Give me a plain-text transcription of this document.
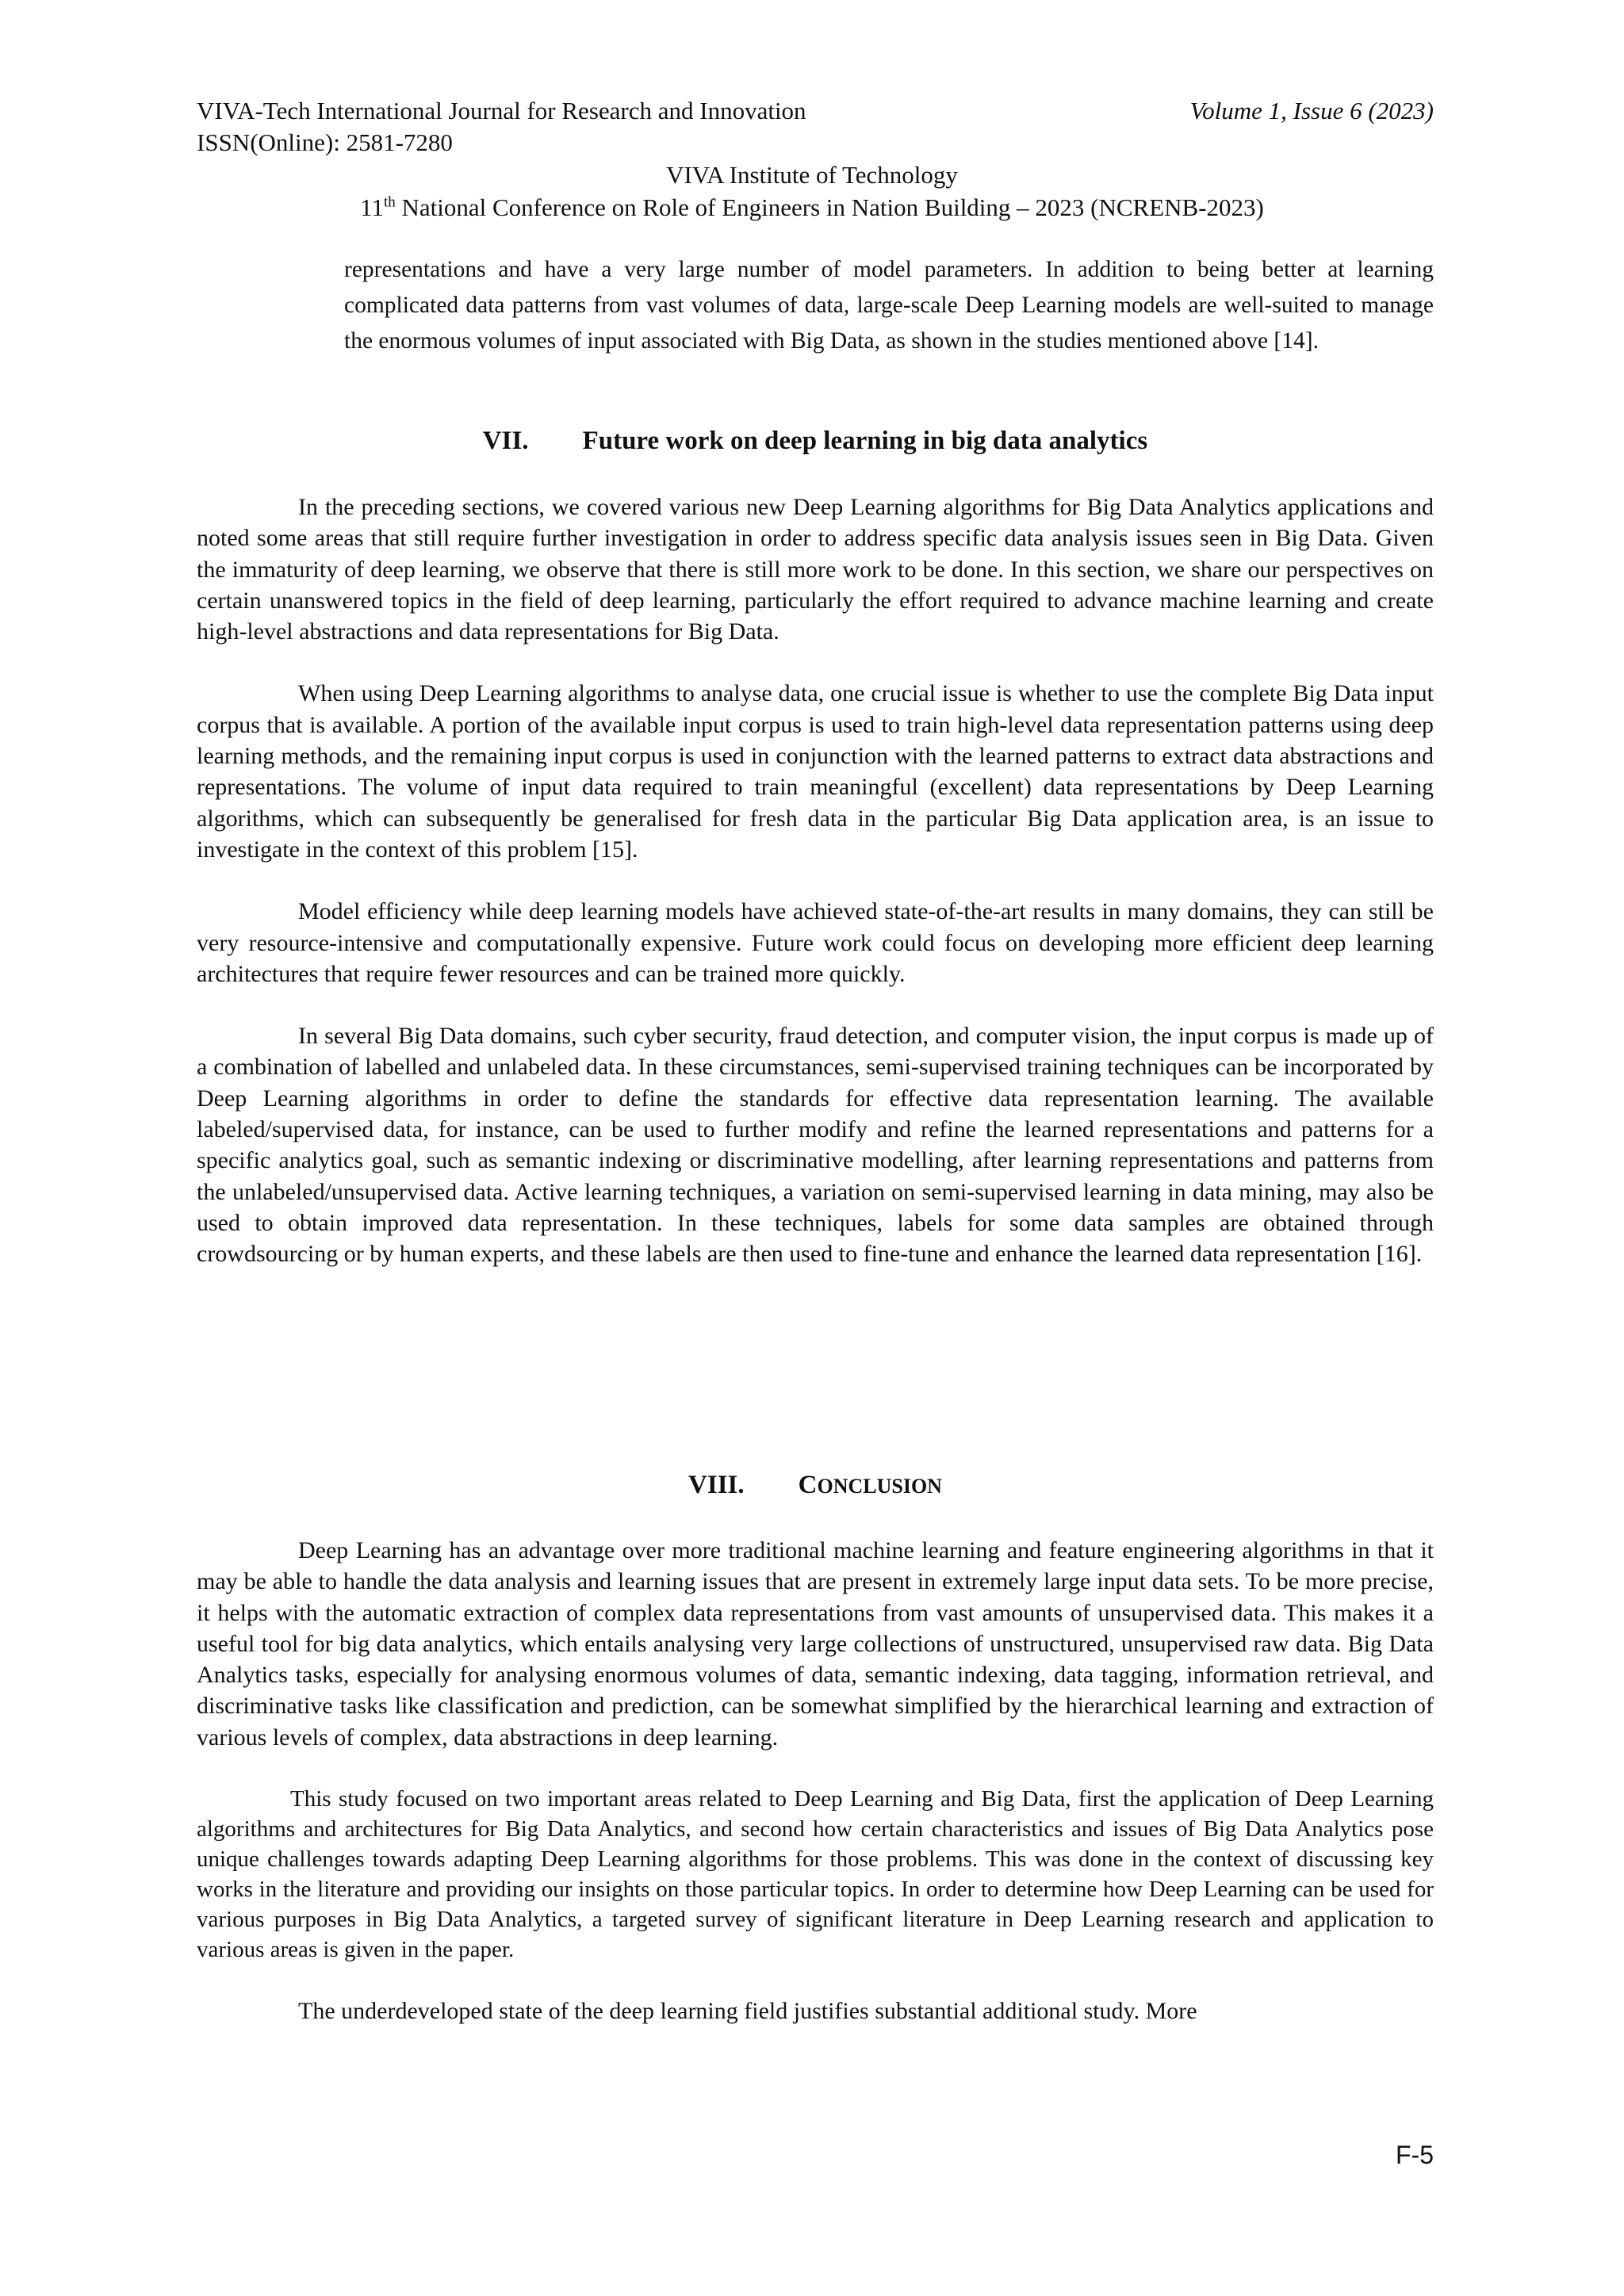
VIVA-Tech International Journal for Research and Innovation
ISSN(Online): 2581-7280
Volume 1, Issue 6 (2023)
VIVA Institute of Technology
11th National Conference on Role of Engineers in Nation Building – 2023 (NCRENB-2023)

representations and have a very large number of model parameters. In addition to being better at learning complicated data patterns from vast volumes of data, large-scale Deep Learning models are well-suited to manage the enormous volumes of input associated with Big Data, as shown in the studies mentioned above [14].

VII. Future work on deep learning in big data analytics

In the preceding sections, we covered various new Deep Learning algorithms for Big Data Analytics applications and noted some areas that still require further investigation in order to address specific data analysis issues seen in Big Data. Given the immaturity of deep learning, we observe that there is still more work to be done. In this section, we share our perspectives on certain unanswered topics in the field of deep learning, particularly the effort required to advance machine learning and create high-level abstractions and data representations for Big Data.

When using Deep Learning algorithms to analyse data, one crucial issue is whether to use the complete Big Data input corpus that is available. A portion of the available input corpus is used to train high-level data representation patterns using deep learning methods, and the remaining input corpus is used in conjunction with the learned patterns to extract data abstractions and representations. The volume of input data required to train meaningful (excellent) data representations by Deep Learning algorithms, which can subsequently be generalised for fresh data in the particular Big Data application area, is an issue to investigate in the context of this problem [15].

Model efficiency while deep learning models have achieved state-of-the-art results in many domains, they can still be very resource-intensive and computationally expensive. Future work could focus on developing more efficient deep learning architectures that require fewer resources and can be trained more quickly.

In several Big Data domains, such cyber security, fraud detection, and computer vision, the input corpus is made up of a combination of labelled and unlabeled data. In these circumstances, semi-supervised training techniques can be incorporated by Deep Learning algorithms in order to define the standards for effective data representation learning. The available labeled/supervised data, for instance, can be used to further modify and refine the learned representations and patterns for a specific analytics goal, such as semantic indexing or discriminative modelling, after learning representations and patterns from the unlabeled/unsupervised data. Active learning techniques, a variation on semi-supervised learning in data mining, may also be used to obtain improved data representation. In these techniques, labels for some data samples are obtained through crowdsourcing or by human experts, and these labels are then used to fine-tune and enhance the learned data representation [16].

VIII. CONCLUSION

Deep Learning has an advantage over more traditional machine learning and feature engineering algorithms in that it may be able to handle the data analysis and learning issues that are present in extremely large input data sets. To be more precise, it helps with the automatic extraction of complex data representations from vast amounts of unsupervised data. This makes it a useful tool for big data analytics, which entails analysing very large collections of unstructured, unsupervised raw data. Big Data Analytics tasks, especially for analysing enormous volumes of data, semantic indexing, data tagging, information retrieval, and discriminative tasks like classification and prediction, can be somewhat simplified by the hierarchical learning and extraction of various levels of complex, data abstractions in deep learning.

This study focused on two important areas related to Deep Learning and Big Data, first the application of Deep Learning algorithms and architectures for Big Data Analytics, and second how certain characteristics and issues of Big Data Analytics pose unique challenges towards adapting Deep Learning algorithms for those problems. This was done in the context of discussing key works in the literature and providing our insights on those particular topics. In order to determine how Deep Learning can be used for various purposes in Big Data Analytics, a targeted survey of significant literature in Deep Learning research and application to various areas is given in the paper.

The underdeveloped state of the deep learning field justifies substantial additional study. More

F-5
